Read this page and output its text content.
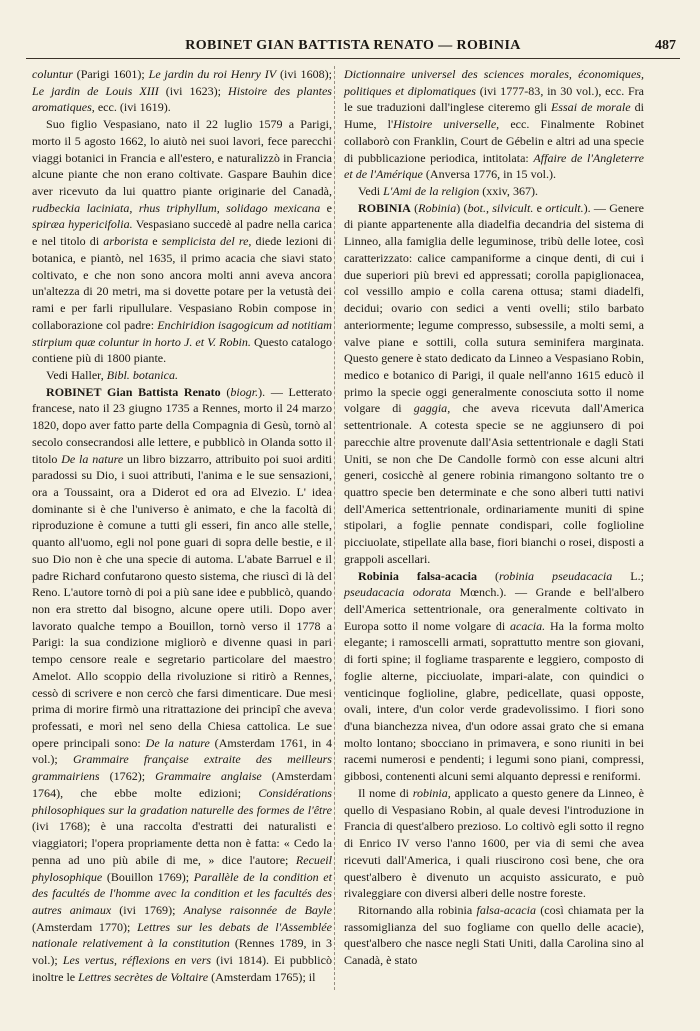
ROBINET GIAN BATTISTA RENATO — ROBINIA	487

coluntur (Parigi 1601); Le jardin du roi Henry IV (ivi 1608); Le jardin de Louis XIII (ivi 1623); Histoire des plantes aromatiques, ecc. (ivi 1619).

Suo figlio Vespasiano, nato il 22 luglio 1579 a Parigi, morto il 5 agosto 1662, lo aiutò nei suoi lavori, fece parecchi viaggi botanici in Francia e all'estero, e naturalizzò in Francia alcune piante che non erano coltivate. Gaspare Bauhin dice aver ricevuto da lui quattro piante originarie del Canadà, rudbeckia laciniata, rhus triphyllum, solidago mexicana e spiræa hypericifolia. Vespasiano succedè al padre nella carica e nel titolo di arborista e semplicista del re, diede lezioni di botanica, e piantò, nel 1635, il primo acacia che siavi stato coltivato, e che non sono ancora molti anni aveva ancora un'altezza di 20 metri, ma si dovette potare per la vetustà dei rami e per farli ripullulare. Vespasiano Robin compose in collaborazione col padre: Enchiridion isagogicum ad notitiam stirpium quæ coluntur in horto J. et V. Robin. Questo catalogo contiene più di 1800 piante.

Vedi Haller, Bibl. botanica.

ROBINET Gian Battista Renato (biogr.). — Letterato francese, nato il 23 giugno 1735 a Rennes, morto il 24 marzo 1820, dopo aver fatto parte della Compagnia di Gesù, tornò al secolo consecrandosi alle lettere, e pubblicò in Olanda sotto il titolo De la nature un libro bizzarro, attribuito poi suoi arditi paradossi su Dio, i suoi attributi, l'anima e le sue sensazioni, ora a Toussaint, ora a Diderot ed ora ad Elvezio. L' idea dominante si è che l'universo è animato, e che la facoltà di riproduzione è comune a tutti gli esseri, fin anco alle stelle, quanto all'uomo, egli nol pone guari di sopra delle bestie, e il suo Dio non è che una specie di automa. L'abate Barruel e il padre Richard confutarono questo sistema, che riuscì di là del Reno. L'autore tornò di poi a più sane idee e pubblicò, quando non era stretto dal bisogno, alcune opere utili. Dopo aver lavorato qualche tempo a Bouillon, tornò verso il 1778 a Parigi: la sua condizione migliorò e divenne quasi in pari tempo censore reale e segretario particolare del maestro Amelot. Allo scoppio della rivoluzione si ritirò a Rennes, cessò di scrivere e non cercò che farsi dimenticare. Due mesi prima di morire firmò una ritrattazione dei principî che aveva professati, e morì nel seno della Chiesa cattolica. Le sue opere principali sono: De la nature (Amsterdam 1761, in 4 vol.); Grammaire française extraite des meilleurs grammairiens (1762); Grammaire anglaise (Amsterdam 1764), che ebbe molte edizioni; Considérations philosophiques sur la gradation naturelle des formes de l'être (ivi 1768); è una raccolta d'estratti dei naturalisti e viaggiatori; l'opera propriamente detta non è fatta: « Cedo la penna ad uno più abile di me, » dice l'autore; Recueil phylosophique (Bouillon 1769); Parallèle de la condition et des facultés de l'homme avec la condition et les facultés des autres animaux (ivi 1769); Analyse raisonnée de Bayle (Amsterdam 1770); Lettres sur les debats de l'Assemblée nationale relativement à la constitution (Rennes 1789, in 3 vol.); Les vertus, réflexions en vers (ivi 1814). Ei pubblicò inoltre le Lettres secrètes de Voltaire (Amsterdam 1765); il

Dictionnaire universel des sciences morales, économiques, politiques et diplomatiques (ivi 1777-83, in 30 vol.), ecc. Fra le sue traduzioni dall'inglese citeremo gli Essai de morale di Hume, l'Histoire universelle, ecc. Finalmente Robinet collaborò con Franklin, Court de Gébelin e altri ad una specie di pubblicazione periodica, intitolata: Affaire de l'Angleterre et de l'Amérique (Anversa 1776, in 15 vol.).

Vedi L'Ami de la religion (xxiv, 367).

ROBINIA (Robinia) (bot., silvicult. e orticult.). — Genere di piante appartenente alla diadelfia decandria del sistema di Linneo, alla famiglia delle leguminose, tribù delle lotee, così caratterizzato: calice campaniforme a cinque denti, di cui i due superiori più brevi ed appressati; corolla papiglionacea, col vessillo ampio e colla carena ottusa; stami diadelfi, decidui; ovario con sedici a venti ovelli; stilo barbato anteriormente; legume compresso, subsessile, a molti semi, a valve piane e sottili, colla sutura seminifera marginata. Questo genere è stato dedicato da Linneo a Vespasiano Robin, medico e botanico di Parigi, il quale nell'anno 1615 educò il primo la specie oggi generalmente conosciuta sotto il nome volgare di gaggia, che aveva ricevuta dall'America settentrionale. A cotesta specie se ne aggiunsero di poi parecchie altre provenute dall'Asia settentrionale e dagli Stati Uniti, se non che De Candolle formò con esse alcuni altri generi, cosicchè al genere robinia rimangono soltanto tre o quattro specie ben determinate e che sono alberi tutti nativi dell'America settentrionale, ordinariamente muniti di spine stipolari, a foglie pennate condispari, colle foglioline picciuolate, stipellate alla base, fiori bianchi o rosei, disposti a grappoli ascellari.

Robinia falsa-acacia (robinia pseudacacia L.; pseudacacia odorata Mœnch.). — Grande e bell'albero dell'America settentrionale, ora generalmente coltivato in Europa sotto il nome volgare di acacia. Ha la forma molto elegante; i ramoscelli armati, soprattutto mentre son giovani, di forti spine; il fogliame trasparente e leggiero, composto di foglie alterne, picciuolate, impari-alate, con quindici o venticinque foglioline, glabre, pedicellate, quasi opposte, ovali, intere, d'un color verde gradevolissimo. I fiori sono d'una bianchezza nivea, d'un odore assai grato che si emana molto lontano; sbocciano in primavera, e sono riuniti in bei racemi numerosi e pendenti; i legumi sono piani, compressi, gibbosi, contenenti alcuni semi alquanto depressi e reniformi.

Il nome di robinia, applicato a questo genere da Linneo, è quello di Vespasiano Robin, al quale devesi l'introduzione in Francia di quest'albero prezioso. Lo coltivò egli sotto il regno di Enrico IV verso l'anno 1600, per via di semi che avea ricevuti dall'America, i quali riuscirono così bene, che ora quest'albero è divenuto un acquisto assicurato, e può rivaleggiare con diversi alberi delle nostre foreste.

Ritornando alla robinia falsa-acacia (così chiamata per la rassomiglianza del suo fogliame con quello delle acacie), quest'albero che nasce negli Stati Uniti, dalla Carolina sino al Canadà, è stato
